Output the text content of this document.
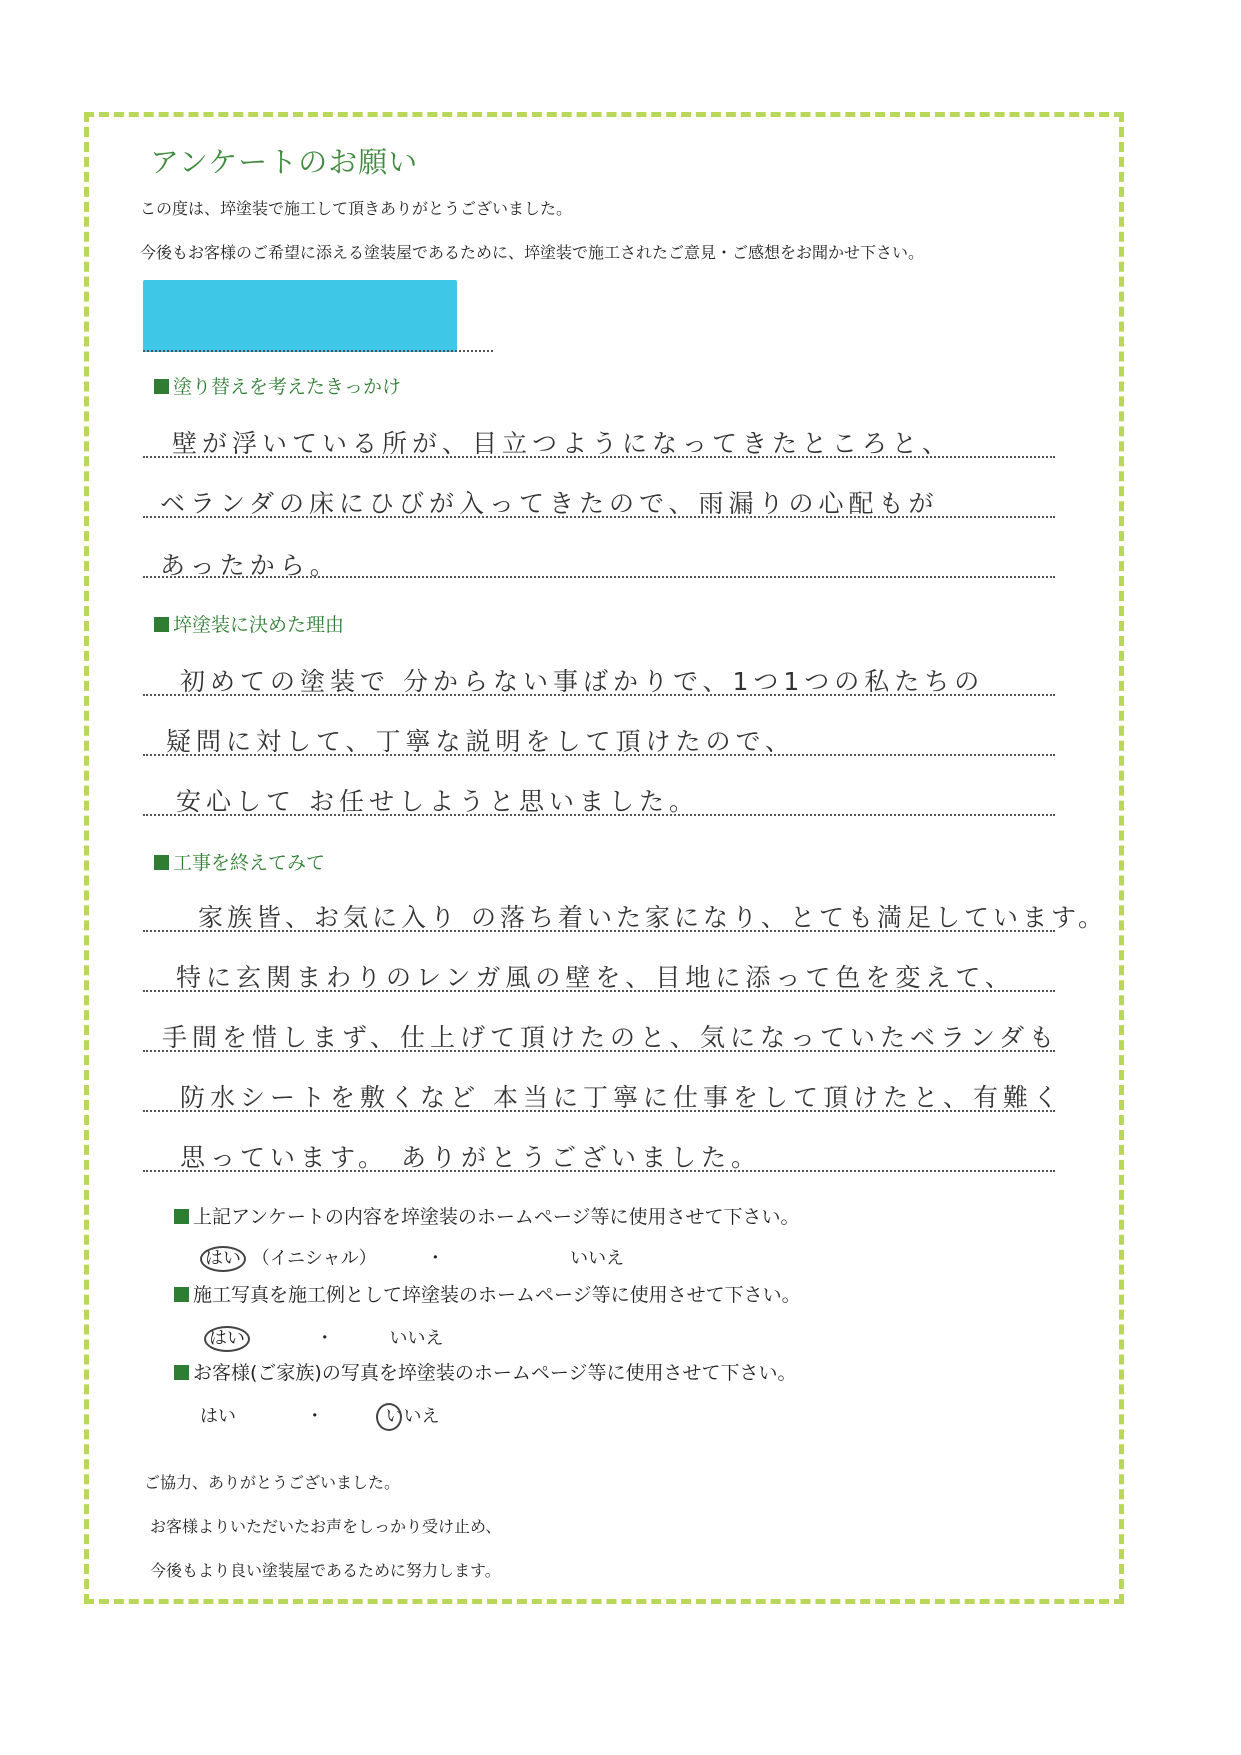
アンケートのお願い
この度は、埣塗装で施工して頂きありがとうございました。
今後もお客様のご希望に添える塗装屋であるために、埣塗装で施工されたご意見・ご感想をお聞かせ下さい。
塗り替えを考えたきっかけ
壁が浮いている所が、目立つようになってきたところと、
ベランダの床にひびが入ってきたので、雨漏りの心配もが
あったから。
埣塗装に決めた理由
初めての塗装で 分からない事ばかりで、1つ1つの私たちの
疑問に対して、丁寧な説明をして頂けたので、
安心して お任せしようと思いました。
工事を終えてみて
家族皆、お気に入り の落ち着いた家になり、とても満足しています。
特に玄関まわりのレンガ風の壁を、目地に添って色を変えて、
手間を惜しまず、仕上げて頂けたのと、気になっていたベランダも
防水シートを敷くなど 本当に丁寧に仕事をして頂けたと、有難く
思っています。 ありがとうございました。
上記アンケートの内容を埣塗装のホームページ等に使用させて下さい。
はい （イニシャル）	・	いいえ
施工写真を施工例として埣塗装のホームページ等に使用させて下さい。
はい	・	いいえ
お客様(ご家族)の写真を埣塗装のホームページ等に使用させて下さい。
はい	・	いいえ
ご協力、ありがとうございました。
お客様よりいただいたお声をしっかり受け止め、
今後もより良い塗装屋であるために努力します。
